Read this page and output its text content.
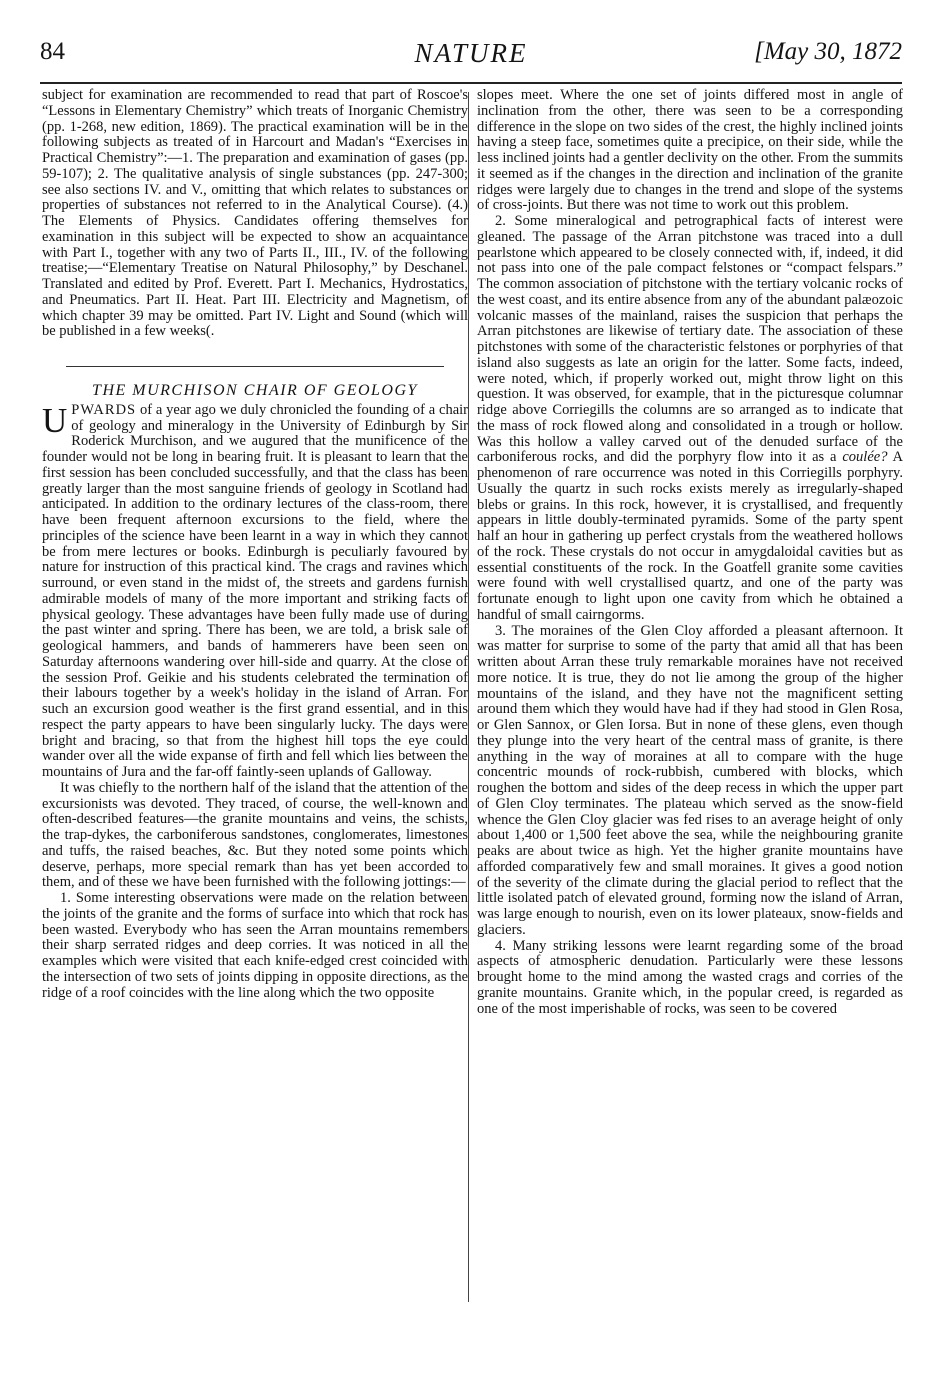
84	NATURE	[May 30, 1872

subject for examination are recommended to read that part of Roscoe's “Lessons in Elementary Chemistry” which treats of Inorganic Chemistry (pp. 1-268, new edition, 1869). The practical examination will be in the following subjects as treated of in Harcourt and Madan's “Exercises in Practical Chemistry”:—1. The preparation and examination of gases (pp. 59-107); 2. The qualitative analysis of single substances (pp. 247-300; see also sections IV. and V., omitting that which relates to substances or properties of substances not referred to in the Analytical Course). (4.) The Elements of Physics. Candidates offering themselves for examination in this subject will be expected to show an acquaintance with Part I., together with any two of Parts II., III., IV. of the following treatise;—“Elementary Treatise on Natural Philosophy,” by Deschanel. Translated and edited by Prof. Everett. Part I. Mechanics, Hydrostatics, and Pneumatics. Part II. Heat. Part III. Electricity and Magnetism, of which chapter 39 may be omitted. Part IV. Light and Sound (which will be published in a few weeks(.

THE MURCHISON CHAIR OF GEOLOGY

UPWARDS of a year ago we duly chronicled the founding of a chair of geology and mineralogy in the University of Edinburgh by Sir Roderick Murchison, and we augured that the munificence of the founder would not be long in bearing fruit. It is pleasant to learn that the first session has been concluded successfully, and that the class has been greatly larger than the most sanguine friends of geology in Scotland had anticipated. In addition to the ordinary lectures of the class-room, there have been frequent afternoon excursions to the field, where the principles of the science have been learnt in a way in which they cannot be from mere lectures or books. Edinburgh is peculiarly favoured by nature for instruction of this practical kind. The crags and ravines which surround, or even stand in the midst of, the streets and gardens furnish admirable models of many of the more important and striking facts of physical geology. These advantages have been fully made use of during the past winter and spring. There has been, we are told, a brisk sale of geological hammers, and bands of hammerers have been seen on Saturday afternoons wandering over hill-side and quarry. At the close of the session Prof. Geikie and his students celebrated the termination of their labours together by a week's holiday in the island of Arran. For such an excursion good weather is the first grand essential, and in this respect the party appears to have been singularly lucky. The days were bright and bracing, so that from the highest hill tops the eye could wander over all the wide expanse of firth and fell which lies between the mountains of Jura and the far-off faintly-seen uplands of Galloway.

It was chiefly to the northern half of the island that the attention of the excursionists was devoted. They traced, of course, the well-known and often-described features—the granite mountains and veins, the schists, the trap-dykes, the carboniferous sandstones, conglomerates, limestones and tuffs, the raised beaches, &c. But they noted some points which deserve, perhaps, more special remark than has yet been accorded to them, and of these we have been furnished with the following jottings:—

1. Some interesting observations were made on the relation between the joints of the granite and the forms of surface into which that rock has been wasted. Everybody who has seen the Arran mountains remembers their sharp serrated ridges and deep corries. It was noticed in all the examples which were visited that each knife-edged crest coincided with the intersection of two sets of joints dipping in opposite directions, as the ridge of a roof coincides with the line along which the two opposite

slopes meet. Where the one set of joints differed most in angle of inclination from the other, there was seen to be a corresponding difference in the slope on two sides of the crest, the highly inclined joints having a steep face, sometimes quite a precipice, on their side, while the less inclined joints had a gentler declivity on the other. From the summits it seemed as if the changes in the direction and inclination of the granite ridges were largely due to changes in the trend and slope of the systems of cross-joints. But there was not time to work out this problem.

2. Some mineralogical and petrographical facts of interest were gleaned. The passage of the Arran pitchstone was traced into a dull pearlstone which appeared to be closely connected with, if, indeed, it did not pass into one of the pale compact felstones or “compact felspars.” The common association of pitchstone with the tertiary volcanic rocks of the west coast, and its entire absence from any of the abundant palæozoic volcanic masses of the mainland, raises the suspicion that perhaps the Arran pitchstones are likewise of tertiary date. The association of these pitchstones with some of the characteristic felstones or porphyries of that island also suggests as late an origin for the latter. Some facts, indeed, were noted, which, if properly worked out, might throw light on this question. It was observed, for example, that in the picturesque columnar ridge above Corriegills the columns are so arranged as to indicate that the mass of rock flowed along and consolidated in a trough or hollow. Was this hollow a valley carved out of the denuded surface of the carboniferous rocks, and did the porphyry flow into it as a coulée? A phenomenon of rare occurrence was noted in this Corriegills porphyry. Usually the quartz in such rocks exists merely as irregularly-shaped blebs or grains. In this rock, however, it is crystallised, and frequently appears in little doubly-terminated pyramids. Some of the party spent half an hour in gathering up perfect crystals from the weathered hollows of the rock. These crystals do not occur in amygdaloidal cavities but as essential constituents of the rock. In the Goatfell granite some cavities were found with well crystallised quartz, and one of the party was fortunate enough to light upon one cavity from which he obtained a handful of small cairngorms.

3. The moraines of the Glen Cloy afforded a pleasant afternoon. It was matter for surprise to some of the party that amid all that has been written about Arran these truly remarkable moraines have not received more notice. It is true, they do not lie among the group of the higher mountains of the island, and they have not the magnificent setting around them which they would have had if they had stood in Glen Rosa, or Glen Sannox, or Glen Iorsa. But in none of these glens, even though they plunge into the very heart of the central mass of granite, is there anything in the way of moraines at all to compare with the huge concentric mounds of rock-rubbish, cumbered with blocks, which roughen the bottom and sides of the deep recess in which the upper part of Glen Cloy terminates. The plateau which served as the snow-field whence the Glen Cloy glacier was fed rises to an average height of only about 1,400 or 1,500 feet above the sea, while the neighbouring granite peaks are about twice as high. Yet the higher granite mountains have afforded comparatively few and small moraines. It gives a good notion of the severity of the climate during the glacial period to reflect that the little isolated patch of elevated ground, forming now the island of Arran, was large enough to nourish, even on its lower plateaux, snow-fields and glaciers.

4. Many striking lessons were learnt regarding some of the broad aspects of atmospheric denudation. Particularly were these lessons brought home to the mind among the wasted crags and corries of the granite mountains. Granite which, in the popular creed, is regarded as one of the most imperishable of rocks, was seen to be covered
